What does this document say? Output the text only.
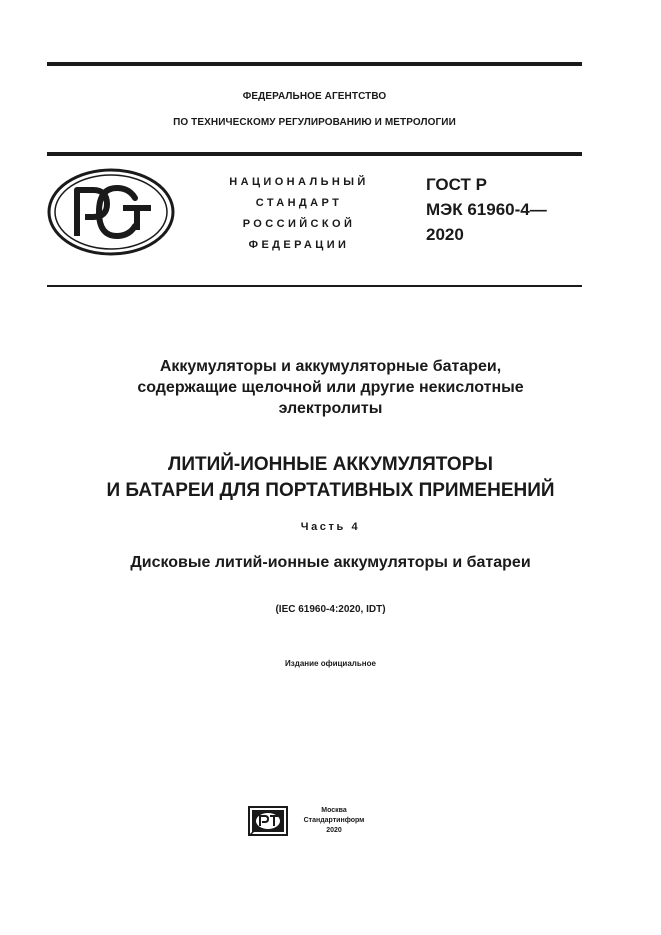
ФЕДЕРАЛЬНОЕ АГЕНТСТВО
ПО ТЕХНИЧЕСКОМУ РЕГУЛИРОВАНИЮ И МЕТРОЛОГИИ
НАЦИОНАЛЬНЫЙ
СТАНДАРТ
РОССИЙСКОЙ
ФЕДЕРАЦИИ
ГОСТ Р
МЭК 61960-4—
2020
Аккумуляторы и аккумуляторные батареи,
содержащие щелочной или другие некислотные
электролиты
ЛИТИЙ-ИОННЫЕ АККУМУЛЯТОРЫ
И БАТАРЕИ ДЛЯ ПОРТАТИВНЫХ ПРИМЕНЕНИЙ
Часть 4
Дисковые литий-ионные аккумуляторы и батареи
(IEC 61960-4:2020, IDT)
Издание официальное
Москва
Стандартинформ
2020
